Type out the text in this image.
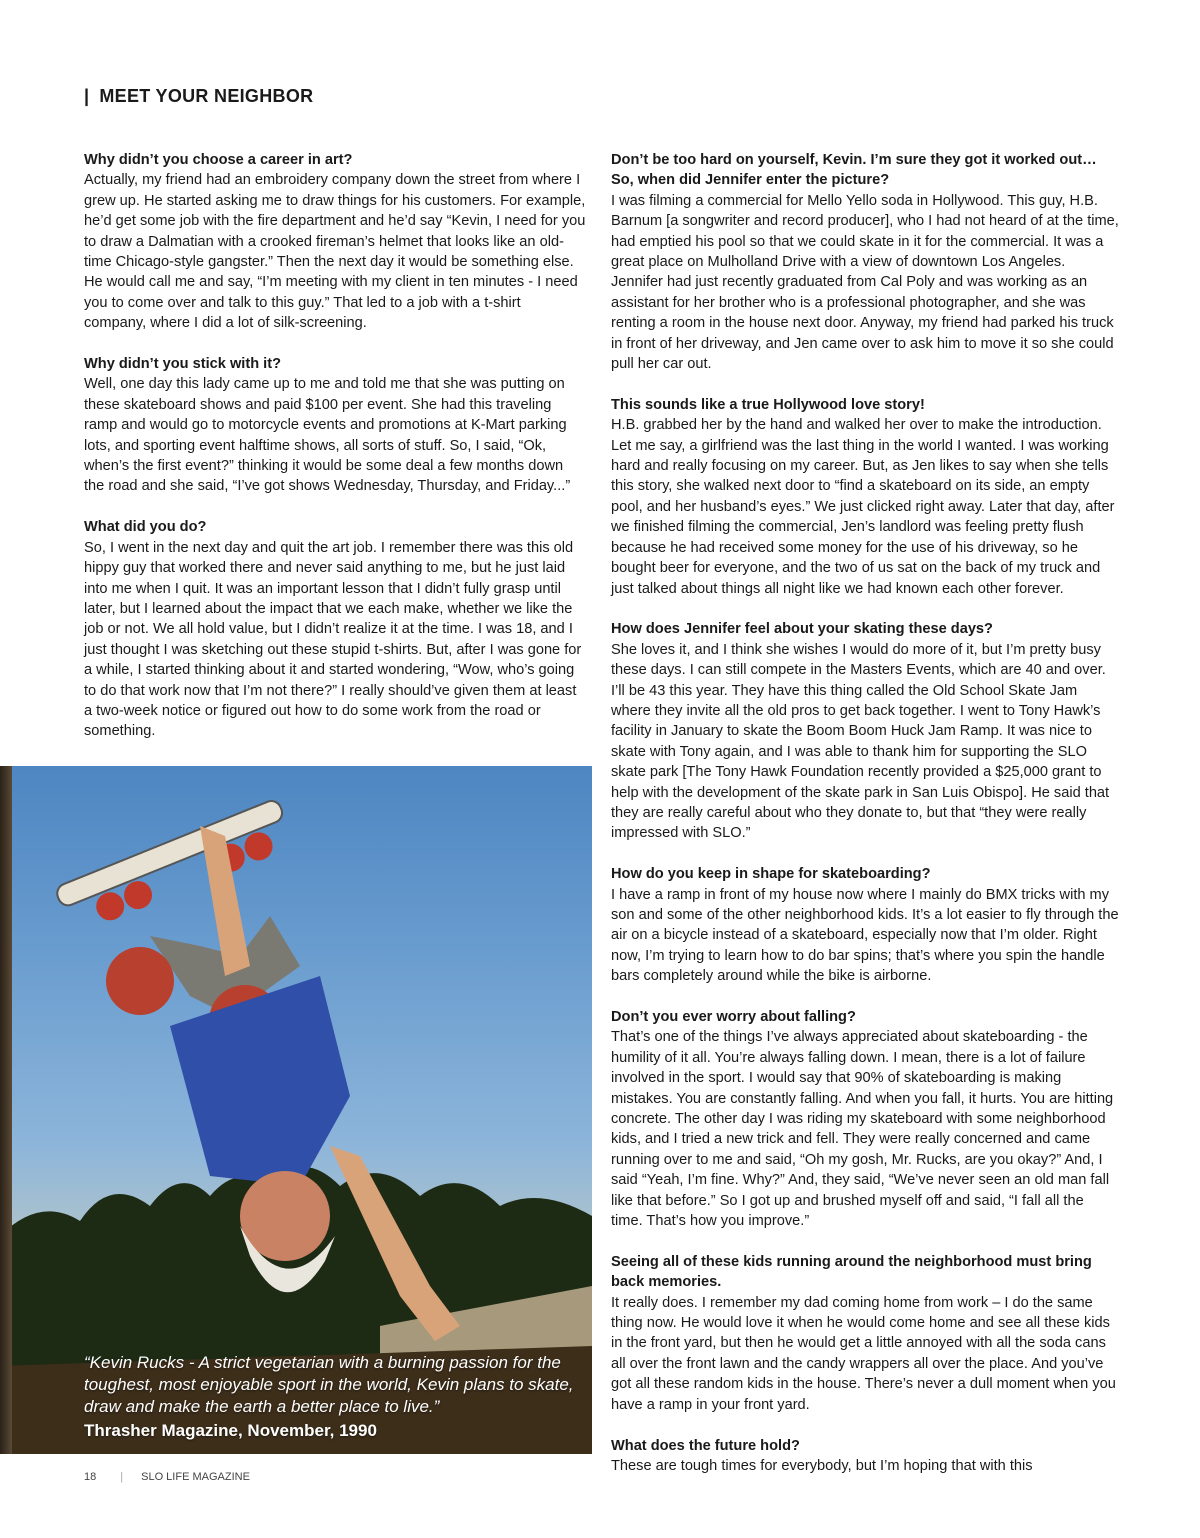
| MEET YOUR NEIGHBOR

Why didn’t you choose a career in art?

Actually, my friend had an embroidery company down the street from where I grew up. He started asking me to draw things for his customers. For example, he’d get some job with the fire department and he’d say “Kevin, I need for you to draw a Dalmatian with a crooked fireman’s helmet that looks like an old-time Chicago-style gangster.” Then the next day it would be something else. He would call me and say, “I’m meeting with my client in ten minutes - I need you to come over and talk to this guy.” That led to a job with a t-shirt company, where I did a lot of silk-screening.

Why didn’t you stick with it?

Well, one day this lady came up to me and told me that she was putting on these skateboard shows and paid $100 per event. She had this traveling ramp and would go to motorcycle events and promotions at K-Mart parking lots, and sporting event halftime shows, all sorts of stuff. So, I said, “Ok, when’s the first event?” thinking it would be some deal a few months down the road and she said, “I’ve got shows Wednesday, Thursday, and Friday...”

What did you do?

So, I went in the next day and quit the art job. I remember there was this old hippy guy that worked there and never said anything to me, but he just laid into me when I quit. It was an important lesson that I didn’t fully grasp until later, but I learned about the impact that we each make, whether we like the job or not. We all hold value, but I didn’t realize it at the time. I was 18, and I just thought I was sketching out these stupid t-shirts. But, after I was gone for a while, I started thinking about it and started wondering, “Wow, who’s going to do that work now that I’m not there?” I really should’ve given them at least a two-week notice or figured out how to do some work from the road or something.

Don’t be too hard on yourself, Kevin. I’m sure they got it worked out… So, when did Jennifer enter the picture?

I was filming a commercial for Mello Yello soda in Hollywood. This guy, H.B. Barnum [a songwriter and record producer], who I had not heard of at the time, had emptied his pool so that we could skate in it for the commercial. It was a great place on Mulholland Drive with a view of downtown Los Angeles. Jennifer had just recently graduated from Cal Poly and was working as an assistant for her brother who is a professional photographer, and she was renting a room in the house next door. Anyway, my friend had parked his truck in front of her driveway, and Jen came over to ask him to move it so she could pull her car out.

This sounds like a true Hollywood love story!

H.B. grabbed her by the hand and walked her over to make the introduction. Let me say, a girlfriend was the last thing in the world I wanted. I was working hard and really focusing on my career. But, as Jen likes to say when she tells this story, she walked next door to “find a skateboard on its side, an empty pool, and her husband’s eyes.” We just clicked right away. Later that day, after we finished filming the commercial, Jen’s landlord was feeling pretty flush because he had received some money for the use of his driveway, so he bought beer for everyone, and the two of us sat on the back of my truck and just talked about things all night like we had known each other forever.

How does Jennifer feel about your skating these days?

She loves it, and I think she wishes I would do more of it, but I’m pretty busy these days. I can still compete in the Masters Events, which are 40 and over. I’ll be 43 this year. They have this thing called the Old School Skate Jam where they invite all the old pros to get back together. I went to Tony Hawk’s facility in January to skate the Boom Boom Huck Jam Ramp. It was nice to skate with Tony again, and I was able to thank him for supporting the SLO skate park [The Tony Hawk Foundation recently provided a $25,000 grant to help with the development of the skate park in San Luis Obispo]. He said that they are really careful about who they donate to, but that “they were really impressed with SLO.”

How do you keep in shape for skateboarding?

I have a ramp in front of my house now where I mainly do BMX tricks with my son and some of the other neighborhood kids. It’s a lot easier to fly through the air on a bicycle instead of a skateboard, especially now that I’m older. Right now, I’m trying to learn how to do bar spins; that’s where you spin the handle bars completely around while the bike is airborne.

Don’t you ever worry about falling?

That’s one of the things I’ve always appreciated about skateboarding - the humility of it all. You’re always falling down. I mean, there is a lot of failure involved in the sport. I would say that 90% of skateboarding is making mistakes. You are constantly falling. And when you fall, it hurts. You are hitting concrete. The other day I was riding my skateboard with some neighborhood kids, and I tried a new trick and fell. They were really concerned and came running over to me and said, “Oh my gosh, Mr. Rucks, are you okay?” And, I said “Yeah, I’m fine. Why?” And, they said, “We’ve never seen an old man fall like that before.” So I got up and brushed myself off and said, “I fall all the time. That’s how you improve.”

Seeing all of these kids running around the neighborhood must bring back memories.

It really does. I remember my dad coming home from work – I do the same thing now. He would love it when he would come home and see all these kids in the front yard, but then he would get a little annoyed with all the soda cans all over the front lawn and the candy wrappers all over the place. And you’ve got all these random kids in the house. There’s never a dull moment when you have a ramp in your front yard.

What does the future hold?

These are tough times for everybody, but I’m hoping that with this

“Kevin Rucks - A strict vegetarian with a burning passion for the toughest, most enjoyable sport in the world, Kevin plans to skate, draw and make the earth a better place to live.”
Thrasher Magazine, November, 1990
18 | SLO LIFE MAGAZINE
